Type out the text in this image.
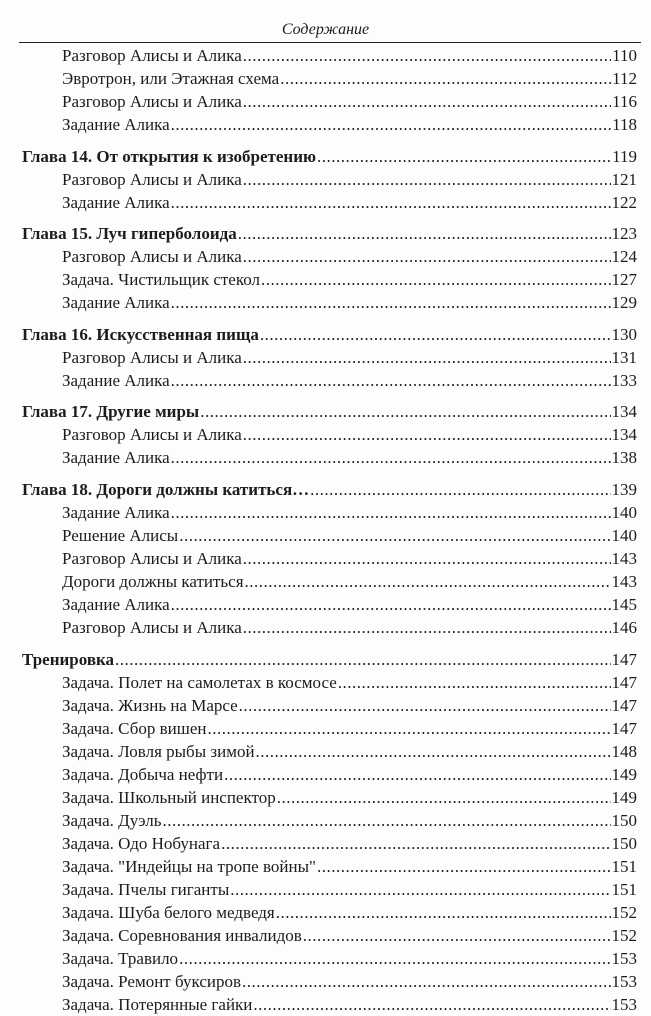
Содержание
Разговор Алисы и Алика .....	110
Эвротрон, или Этажная схема .....	112
Разговор Алисы и Алика .....	116
Задание Алика .....	118
Глава 14. От открытия к изобретению .....	119
Разговор Алисы и Алика .....	121
Задание Алика .....	122
Глава 15. Луч гиперболоида .....	123
Разговор Алисы и Алика .....	124
Задача. Чистильщик стекол .....	127
Задание Алика .....	129
Глава 16. Искусственная пища .....	130
Разговор Алисы и Алика .....	131
Задание Алика .....	133
Глава 17. Другие миры .....	134
Разговор Алисы и Алика .....	134
Задание Алика .....	138
Глава 18. Дороги должны катиться… .....	139
Задание Алика .....	140
Решение Алисы .....	140
Разговор Алисы и Алика .....	143
Дороги должны катиться .....	143
Задание Алика .....	145
Разговор Алисы и Алика .....	146
Тренировка .....	147
Задача. Полет на самолетах в космосе .....	147
Задача. Жизнь на Марсе .....	147
Задача. Сбор вишен .....	147
Задача. Ловля рыбы зимой .....	148
Задача. Добыча нефти .....	149
Задача. Школьный инспектор .....	149
Задача. Дуэль .....	150
Задача. Одо Нобунага .....	150
Задача. "Индейцы на тропе войны" .....	151
Задача. Пчелы гиганты .....	151
Задача. Шуба белого медведя .....	152
Задача. Соревнования инвалидов .....	152
Задача. Травило .....	153
Задача. Ремонт буксиров .....	153
Задача. Потерянные гайки .....	153
